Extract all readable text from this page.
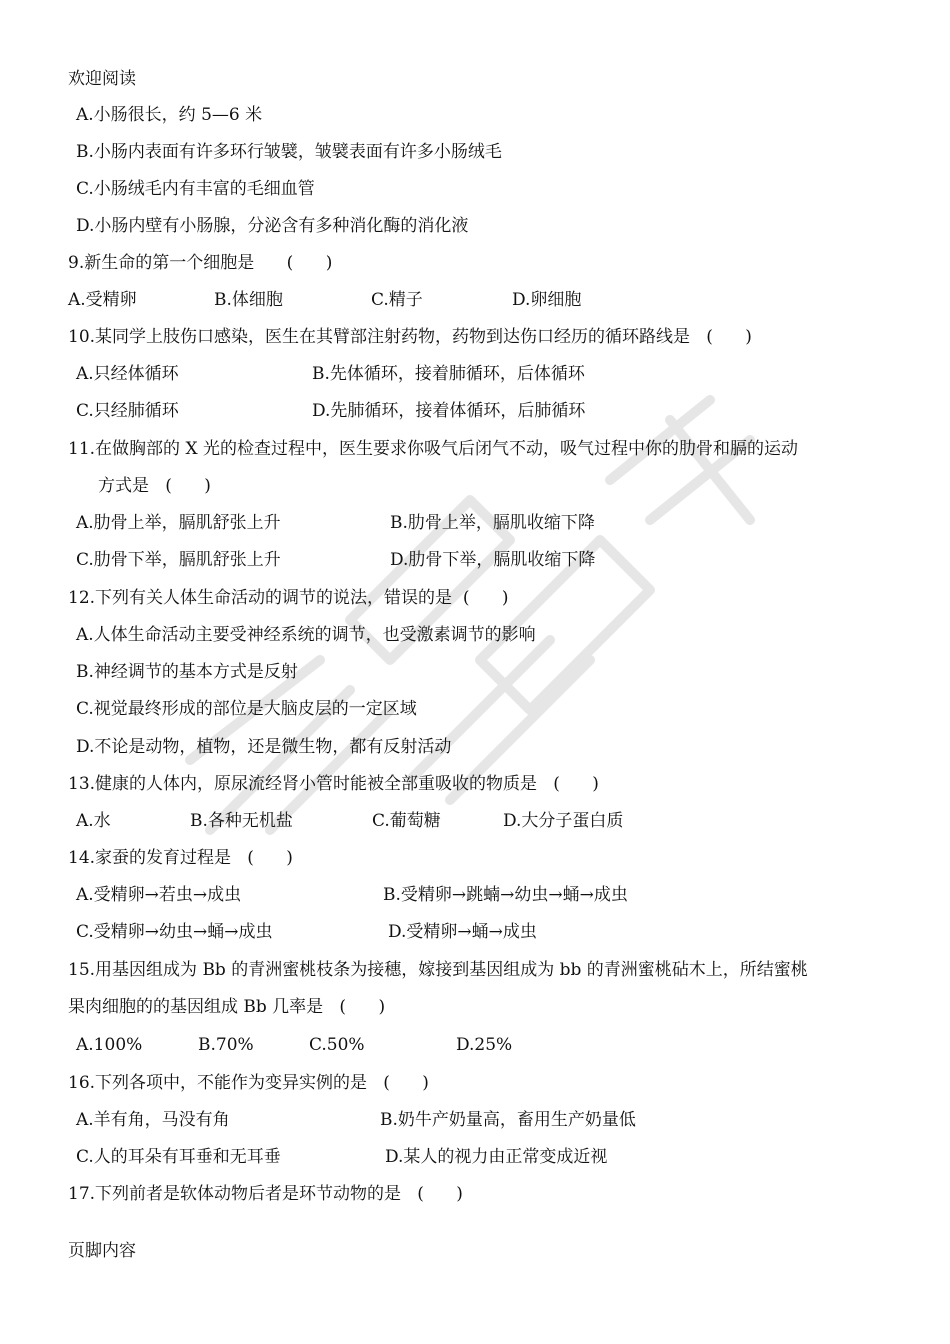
欢迎阅读
A.小肠很长，约 5—6 米
B.小肠内表面有许多环行皱襞，皱襞表面有许多小肠绒毛
C.小肠绒毛内有丰富的毛细血管
D.小肠内壁有小肠腺，分泌含有多种消化酶的消化液
9.新生命的第一个细胞是      (      )
A.受精卵	B.体细胞	C.精子	D.卵细胞
10.某同学上肢伤口感染，医生在其臂部注射药物，药物到达伤口经历的循环路线是   (      )
A.只经体循环	B.先体循环，接着肺循环，后体循环
C.只经肺循环	D.先肺循环，接着体循环，后肺循环
11.在做胸部的 X 光的检查过程中，医生要求你吸气后闭气不动，吸气过程中你的肋骨和膈的运动
方式是   (      )
A.肋骨上举，膈肌舒张上升	B.肋骨上举，膈肌收缩下降
C.肋骨下举，膈肌舒张上升	D.肋骨下举，膈肌收缩下降
12.下列有关人体生命活动的调节的说法，错误的是  (      )
A.人体生命活动主要受神经系统的调节，也受激素调节的影响
B.神经调节的基本方式是反射
C.视觉最终形成的部位是大脑皮层的一定区域
D.不论是动物，植物，还是微生物，都有反射活动
13.健康的人体内，原尿流经肾小管时能被全部重吸收的物质是   (      )
A.水	B.各种无机盐	C.葡萄糖	D.大分子蛋白质
14.家蚕的发育过程是   (      )
A.受精卵→若虫→成虫	B.受精卵→跳蝻→幼虫→蛹→成虫
C.受精卵→幼虫→蛹→成虫	D.受精卵→蛹→成虫
15.用基因组成为 Bb 的青洲蜜桃枝条为接穗，嫁接到基因组成为 bb 的青洲蜜桃砧木上，所结蜜桃
果肉细胞的的基因组成 Bb 几率是   (      )
A.100%	B.70%	C.50%	D.25%
16.下列各项中，不能作为变异实例的是   (      )
A.羊有角，马没有角	B.奶牛产奶量高，畜用生产奶量低
C.人的耳朵有耳垂和无耳垂	D.某人的视力由正常变成近视
17.下列前者是软体动物后者是环节动物的是   (      )
页脚内容
